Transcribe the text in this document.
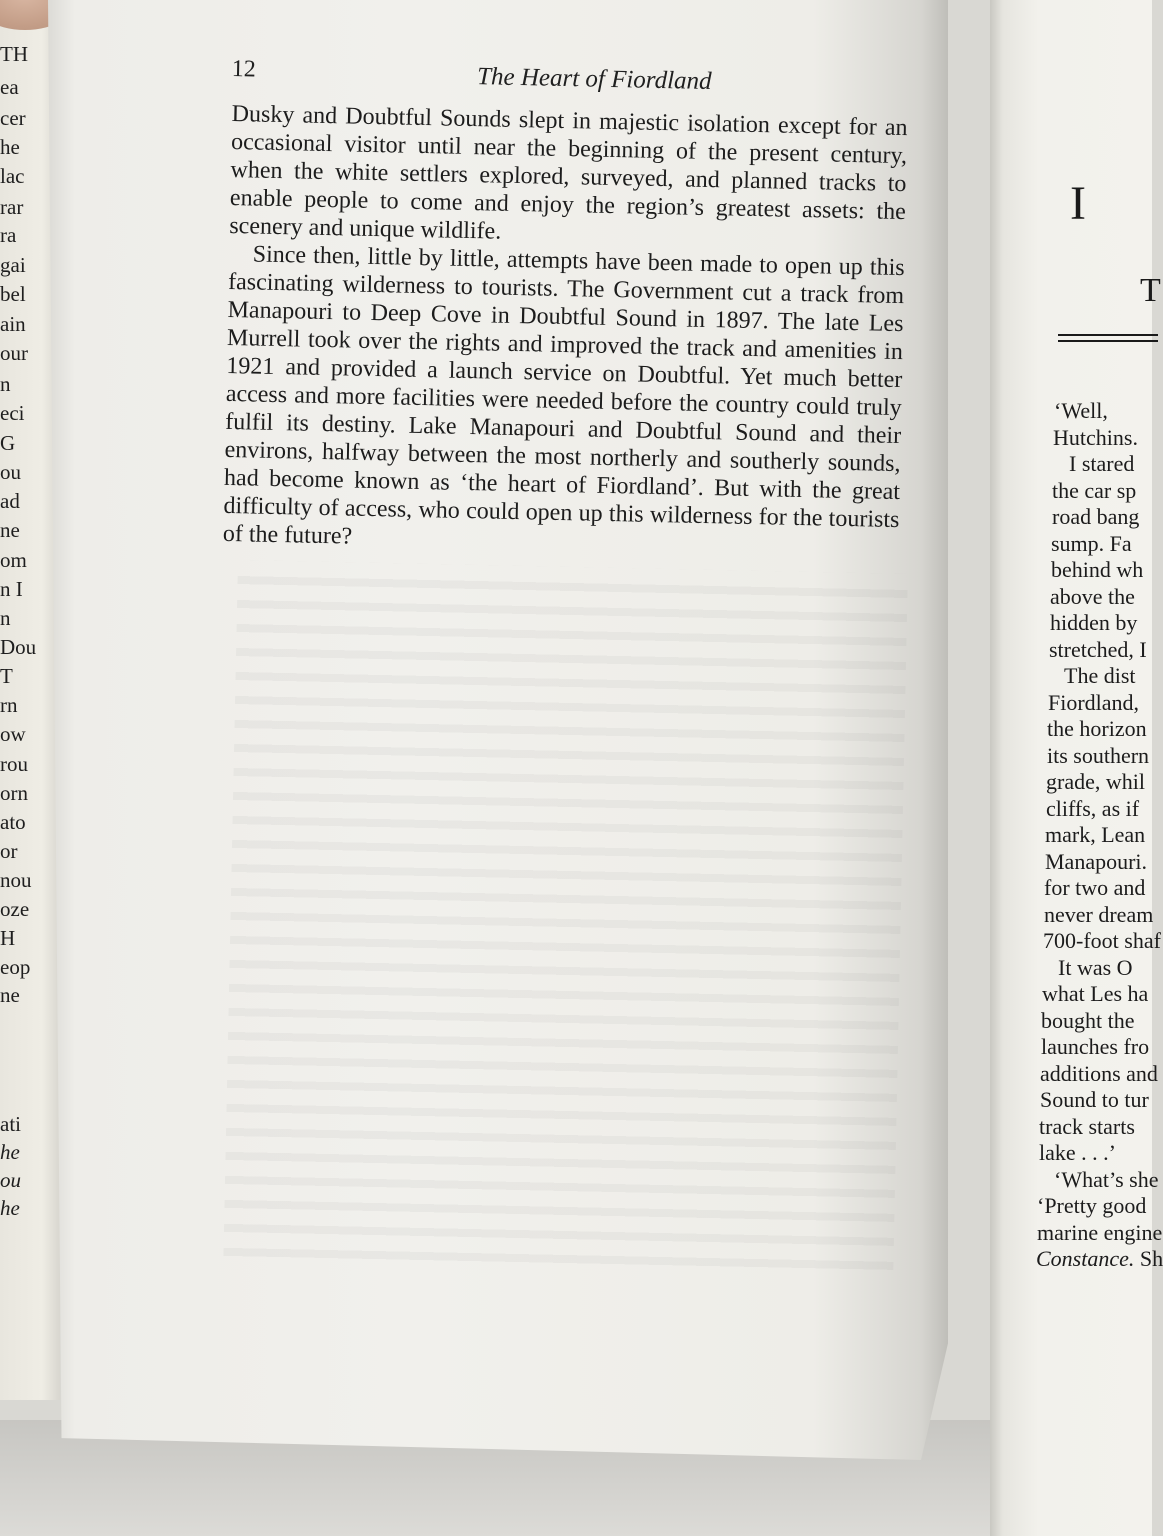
TH
ea
cer
he
lac
rar
ra
gai
bel
ain
our
n
eci
G
ou
ad
ne
om
n I
n
Dou
T
rn
ow
rou
orn
ato
or
nou
oze
H
eop
ne
ati
he
ou
he
12	The Heart of Fiordland

Dusky and Doubtful Sounds slept in majestic isolation except for an occasional visitor until near the beginning of the present century, when the white settlers explored, surveyed, and planned tracks to enable people to come and enjoy the region’s greatest assets: the scenery and unique wildlife.

Since then, little by little, attempts have been made to open up this fascinating wilderness to tourists. The Government cut a track from Manapouri to Deep Cove in Doubtful Sound in 1897. The late Les Murrell took over the rights and improved the track and amenities in 1921 and provided a launch service on Doubtful. Yet much better access and more facilities were needed before the country could truly fulfil its destiny. Lake Manapouri and Doubtful Sound and their environs, halfway between the most northerly and southerly sounds, had become known as ‘the heart of Fiordland’. But with the great difficulty of access, who could open up this wilderness for the tourists of the future?

I
T
‘Well,
Hutchins.
I stared
the car sp
road bang
sump. Fa
behind wh
above the
hidden by
stretched, I
The dist
Fiordland,
the horizon
its southern
grade, whil
cliffs, as if
mark, Lean
Manapouri.
for two and
never dream
700-foot shaf
It was O
what Les ha
bought the
launches fro
additions and
Sound to tur
track starts
lake . . .’
‘What’s she
‘Pretty good
marine engine
Constance. Sh
